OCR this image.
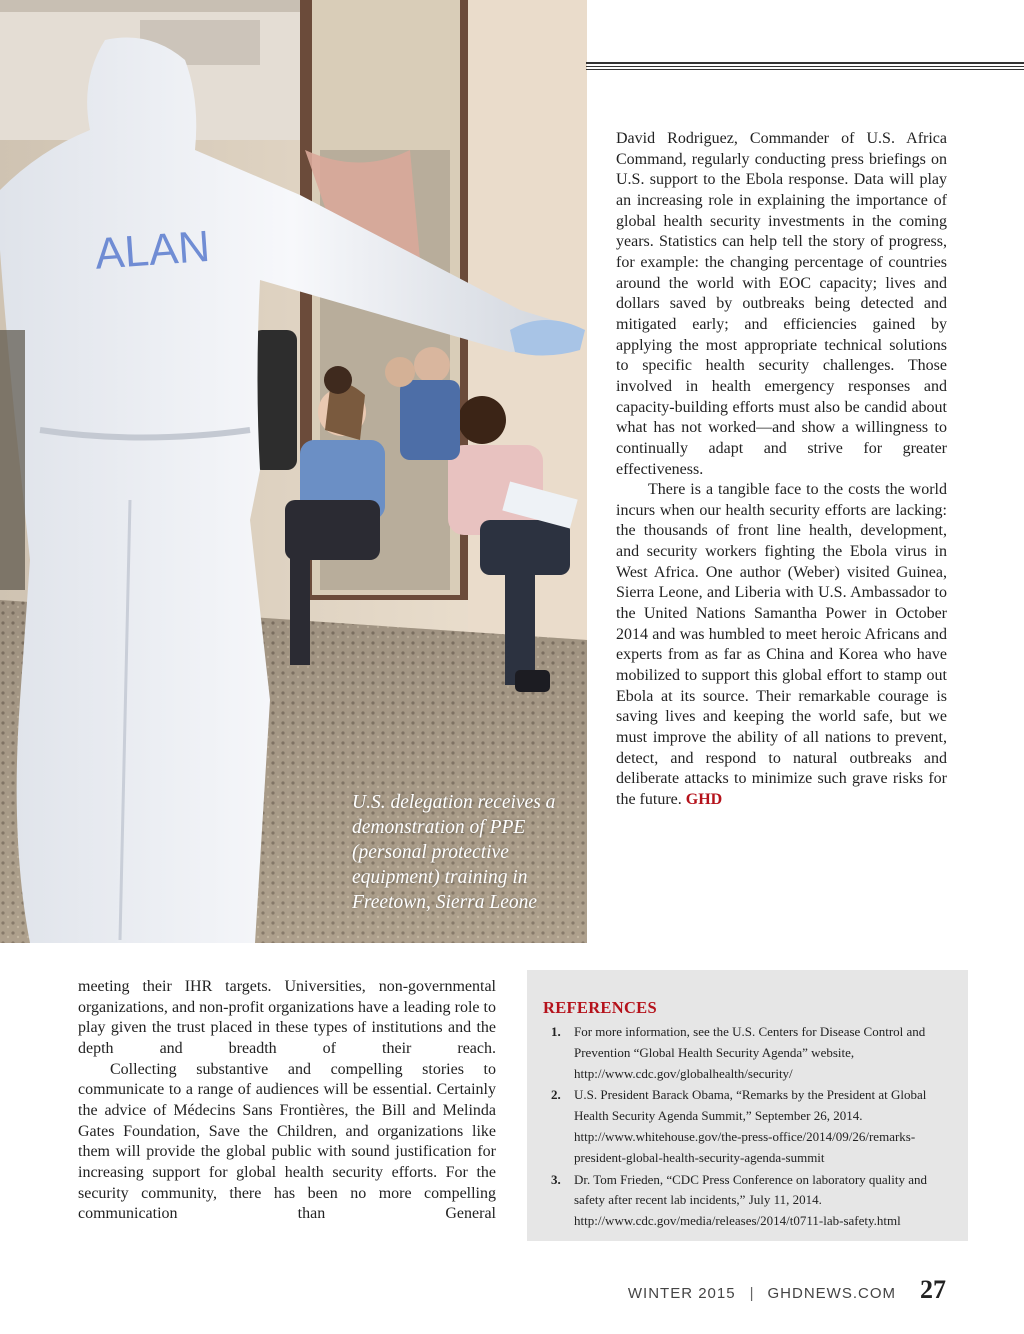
ALAN
U.S. delegation receives a demonstration of PPE (personal protective equipment) training in Freetown, Sierra Leone

David Rodriguez, Commander of U.S. Africa Command, regularly conducting press briefings on U.S. support to the Ebola response. Data will play an increasing role in explaining the importance of global health security investments in the coming years. Statistics can help tell the story of progress, for example: the changing percentage of countries around the world with EOC capacity; lives and dollars saved by outbreaks being detected and mitigated early; and efficiencies gained by applying the most appropriate technical solutions to specific health security challenges. Those involved in health emergency responses and capacity-building efforts must also be candid about what has not worked—and show a willingness to continually adapt and strive for greater effectiveness.

There is a tangible face to the costs the world incurs when our health security efforts are lacking: the thousands of front line health, development, and security workers fighting the Ebola virus in West Africa. One author (Weber) visited Guinea, Sierra Leone, and Liberia with U.S. Ambassador to the United Nations Samantha Power in October 2014 and was humbled to meet heroic Africans and experts from as far as China and Korea who have mobilized to support this global effort to stamp out Ebola at its source. Their remarkable courage is saving lives and keeping the world safe, but we must improve the ability of all nations to prevent, detect, and respond to natural outbreaks and deliberate attacks to minimize such grave risks for the future. GHD

meeting their IHR targets. Universities, non-governmental organizations, and non-profit organizations have a leading role to play given the trust placed in these types of institutions and the depth and breadth of their reach.

Collecting substantive and compelling stories to communicate to a range of audiences will be essential. Certainly the advice of Médecins Sans Frontières, the Bill and Melinda Gates Foundation, Save the Children, and organizations like them will provide the global public with sound justification for increasing support for global health security efforts. For the security community, there has been no more compelling communication than General

REFERENCES
1. For more information, see the U.S. Centers for Disease Control and Prevention “Global Health Security Agenda” website, http://www.cdc.gov/globalhealth/security/
2. U.S. President Barack Obama, “Remarks by the President at Global Health Security Agenda Summit,” September 26, 2014. http://www.whitehouse.gov/the-press-office/2014/09/26/remarks-president-global-health-security-agenda-summit
3. Dr. Tom Frieden, “CDC Press Conference on laboratory quality and safety after recent lab incidents,” July 11, 2014. http://www.cdc.gov/media/releases/2014/t0711-lab-safety.html
WINTER 2015 | GHDNEWS.COM 27
